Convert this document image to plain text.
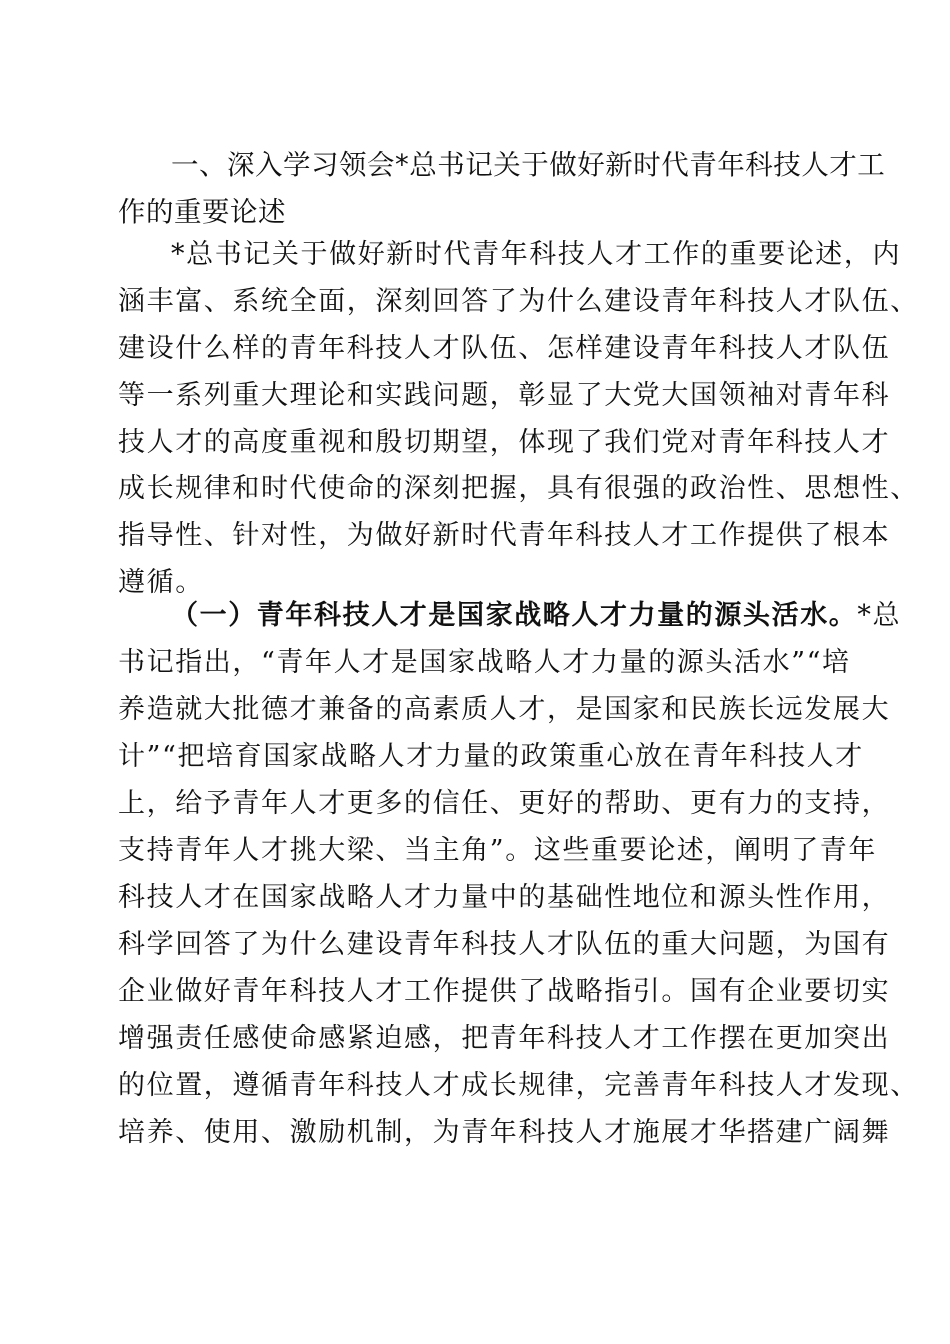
一、深入学习领会*总书记关于做好新时代青年科技人才工
作的重要论述
*总书记关于做好新时代青年科技人才工作的重要论述，内
涵丰富、系统全面，深刻回答了为什么建设青年科技人才队伍、
建设什么样的青年科技人才队伍、怎样建设青年科技人才队伍
等一系列重大理论和实践问题，彰显了大党大国领袖对青年科
技人才的高度重视和殷切期望，体现了我们党对青年科技人才
成长规律和时代使命的深刻把握，具有很强的政治性、思想性、
指导性、针对性，为做好新时代青年科技人才工作提供了根本
遵循。
（一）青年科技人才是国家战略人才力量的源头活水。*总
书记指出，“青年人才是国家战略人才力量的源头活水”“培
养造就大批德才兼备的高素质人才，是国家和民族长远发展大
计”“把培育国家战略人才力量的政策重心放在青年科技人才
上，给予青年人才更多的信任、更好的帮助、更有力的支持，
支持青年人才挑大梁、当主角”。这些重要论述，阐明了青年
科技人才在国家战略人才力量中的基础性地位和源头性作用，
科学回答了为什么建设青年科技人才队伍的重大问题，为国有
企业做好青年科技人才工作提供了战略指引。国有企业要切实
增强责任感使命感紧迫感，把青年科技人才工作摆在更加突出
的位置，遵循青年科技人才成长规律，完善青年科技人才发现、
培养、使用、激励机制，为青年科技人才施展才华搭建广阔舞
